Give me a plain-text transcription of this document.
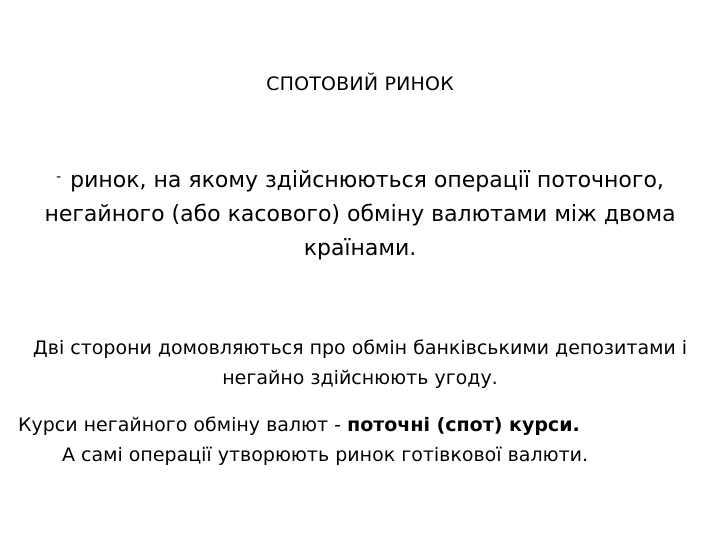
СПОТОВИЙ РИНОК
- ринок, на якому здійснюються операції поточного, негайного (або касового) обміну валютами між двома країнами.
Дві сторони домовляються про обмін банківськими депозитами і негайно здійснюють угоду.
Курси негайного обміну валют - поточні (спот) курси.
А самі операції утворюють ринок готівкової валюти.
